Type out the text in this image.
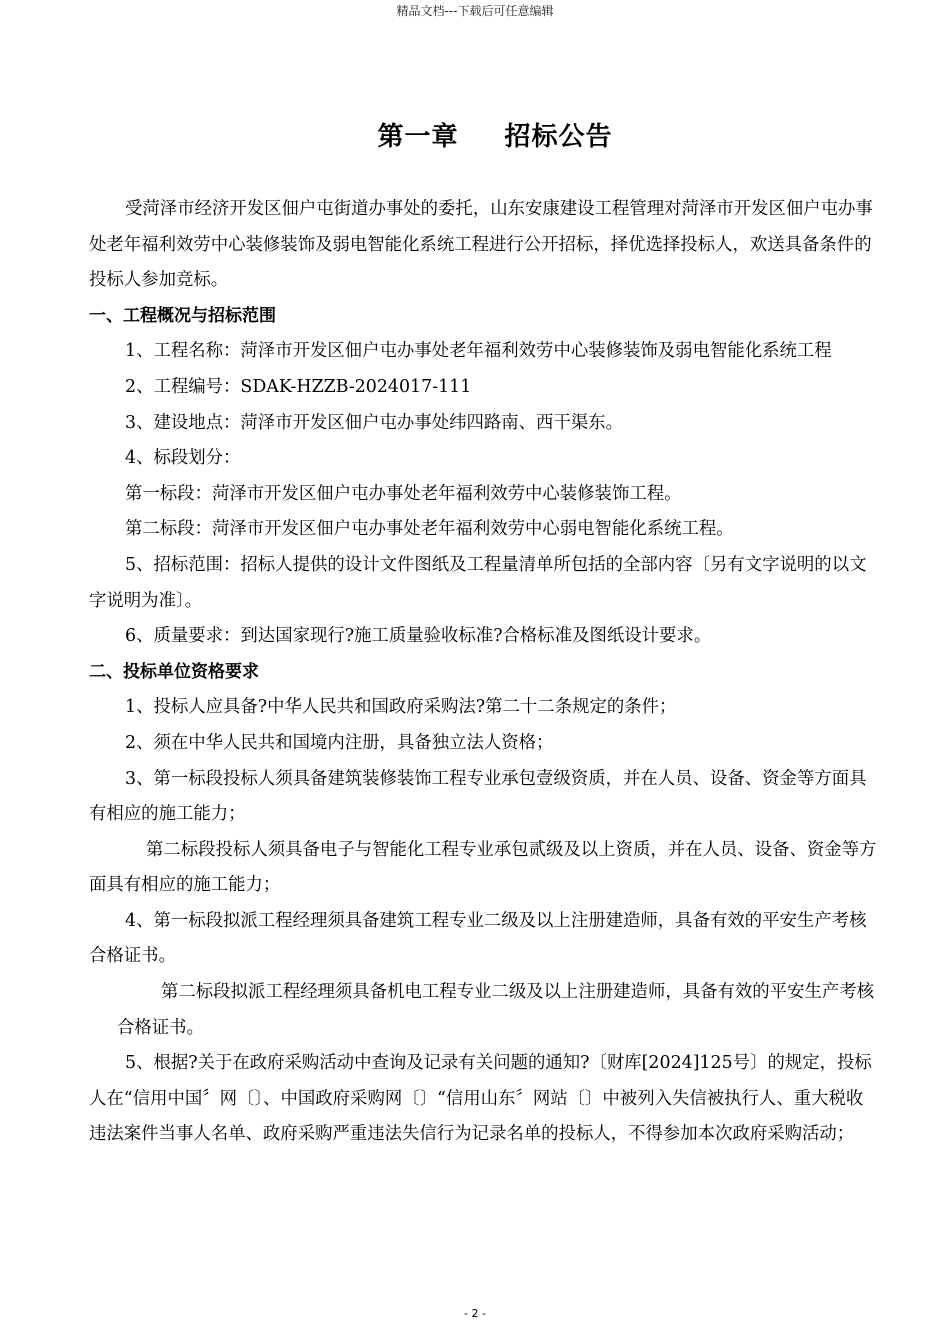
精品文档---下载后可任意编辑
第一章 招标公告

受菏泽市经济开发区佃户屯街道办事处的委托，山东安康建设工程管理对菏泽市开发区佃户屯办事处老年福利效劳中心装修装饰及弱电智能化系统工程进行公开招标，择优选择投标人，欢送具备条件的投标人参加竞标。

一、工程概况与招标范围

1、工程名称：菏泽市开发区佃户屯办事处老年福利效劳中心装修装饰及弱电智能化系统工程

2、工程编号：SDAK-HZZB-2024017-111

3、建设地点：菏泽市开发区佃户屯办事处纬四路南、西干渠东。

4、标段划分：

第一标段：菏泽市开发区佃户屯办事处老年福利效劳中心装修装饰工程。

第二标段：菏泽市开发区佃户屯办事处老年福利效劳中心弱电智能化系统工程。

5、招标范围：招标人提供的设计文件图纸及工程量清单所包括的全部内容〔另有文字说明的以文字说明为准〕。

6、质量要求：到达国家现行?施工质量验收标准?合格标准及图纸设计要求。

二、投标单位资格要求

1、投标人应具备?中华人民共和国政府采购法?第二十二条规定的条件；

2、须在中华人民共和国境内注册，具备独立法人资格；

3、第一标段投标人须具备建筑装修装饰工程专业承包壹级资质，并在人员、设备、资金等方面具有相应的施工能力；

第二标段投标人须具备电子与智能化工程专业承包贰级及以上资质，并在人员、设备、资金等方面具有相应的施工能力；

4、第一标段拟派工程经理须具备建筑工程专业二级及以上注册建造师，具备有效的平安生产考核合格证书。

第二标段拟派工程经理须具备机电工程专业二级及以上注册建造师，具备有效的平安生产考核合格证书。

5、根据?关于在政府采购活动中查询及记录有关问题的通知?〔财库[2024]125号〕的规定，投标人在“信用中国〞网〔〕、中国政府采购网〔〕“信用山东〞网站〔〕中被列入失信被执行人、重大税收违法案件当事人名单、政府采购严重违法失信行为记录名单的投标人，不得参加本次政府采购活动；

- 2 -
